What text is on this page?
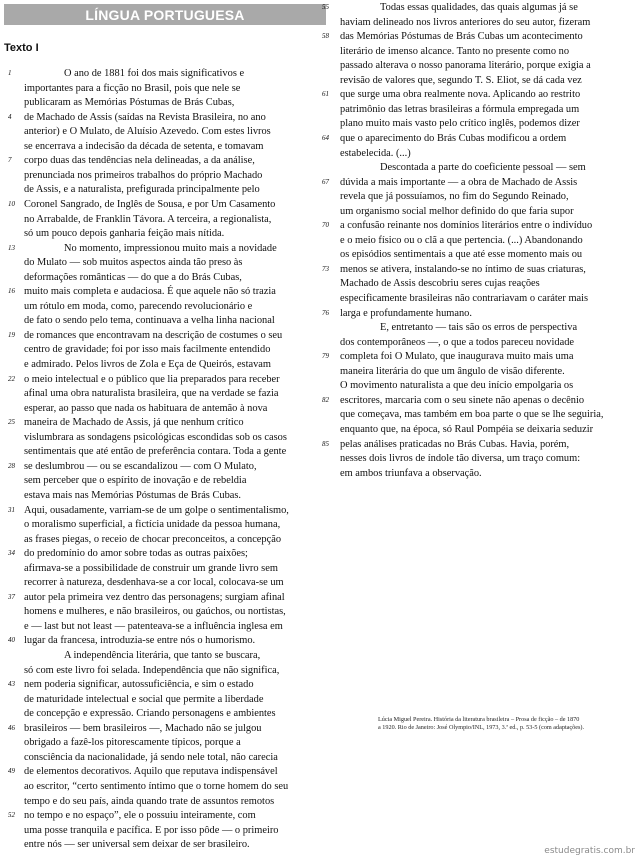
LÍNGUA PORTUGUESA
Texto I
O ano de 1881 foi dos mais significativos e
importantes para a ficção no Brasil, pois que nele se
publicaram as Memórias Póstumas de Brás Cubas,
de Machado de Assis (saídas na Revista Brasileira, no ano
anterior) e O Mulato, de Aluísio Azevedo. Com estes livros
se encerrava a indecisão da década de setenta, e tomavam
corpo duas das tendências nela delineadas, a da análise,
prenunciada nos primeiros trabalhos do próprio Machado
de Assis, e a naturalista, prefigurada principalmente pelo
Coronel Sangrado, de Inglês de Sousa, e por Um Casamento
no Arrabalde, de Franklin Távora. A terceira, a regionalista,
só um pouco depois ganharia feição mais nítida.
No momento, impressionou muito mais a novidade
do Mulato — sob muitos aspectos ainda tão preso às
deformações românticas — do que a do Brás Cubas,
muito mais completa e audaciosa. É que aquele não só trazia
um rótulo em moda, como, parecendo revolucionário e
de fato o sendo pelo tema, continuava a velha linha nacional
de romances que encontravam na descrição de costumes o seu
centro de gravidade; foi por isso mais facilmente entendido
e admirado. Pelos livros de Zola e Eça de Queirós, estavam
o meio intelectual e o público que lia preparados para receber
afinal uma obra naturalista brasileira, que na verdade se fazia
esperar, ao passo que nada os habituara de antemão à nova
maneira de Machado de Assis, já que nenhum crítico
vislumbrara as sondagens psicológicas escondidas sob os casos
sentimentais que até então de preferência contara. Toda a gente
se deslumbrou — ou se escandalizou — com O Mulato,
sem perceber que o espírito de inovação e de rebeldia
estava mais nas Memórias Póstumas de Brás Cubas.
Aqui, ousadamente, varriam-se de um golpe o sentimentalismo,
o moralismo superficial, a fictícia unidade da pessoa humana,
as frases piegas, o receio de chocar preconceitos, a concepção
do predomínio do amor sobre todas as outras paixões;
afirmava-se a possibilidade de construir um grande livro sem
recorrer à natureza, desdenhava-se a cor local, colocava-se um
autor pela primeira vez dentro das personagens; surgiam afinal
homens e mulheres, e não brasileiros, ou gaúchos, ou nortistas,
e — last but not least — patenteava-se a influência inglesa em
lugar da francesa, introduzia-se entre nós o humorismo.
A independência literária, que tanto se buscara,
só com este livro foi selada. Independência que não significa,
nem poderia significar, autossuficiência, e sim o estado
de maturidade intelectual e social que permite a liberdade
de concepção e expressão. Criando personagens e ambientes
brasileiros — bem brasileiros —, Machado não se julgou
obrigado a fazê-los pitorescamente típicos, porque a
consciência da nacionalidade, já sendo nele total, não carecia
de elementos decorativos. Aquilo que reputava indispensável
ao escritor, “certo sentimento íntimo que o torne homem do seu
tempo e do seu país, ainda quando trate de assuntos remotos
no tempo e no espaço”, ele o possuiu inteiramente, com
uma posse tranquila e pacífica. E por isso pôde — o primeiro
entre nós — ser universal sem deixar de ser brasileiro.
Todas essas qualidades, das quais algumas já se
haviam delineado nos livros anteriores do seu autor, fizeram
das Memórias Póstumas de Brás Cubas um acontecimento
literário de imenso alcance. Tanto no presente como no
passado alterava o nosso panorama literário, porque exigia a
revisão de valores que, segundo T. S. Eliot, se dá cada vez
que surge uma obra realmente nova. Aplicando ao restrito
patrimônio das letras brasileiras a fórmula empregada um
plano muito mais vasto pelo crítico inglês, podemos dizer
que o aparecimento do Brás Cubas modificou a ordem
estabelecida. (...)
Descontada a parte do coeficiente pessoal — sem
dúvida a mais importante — a obra de Machado de Assis
revela que já possuíamos, no fim do Segundo Reinado,
um organismo social melhor definido do que faria supor
a confusão reinante nos domínios literários entre o indivíduo
e o meio físico ou o clã a que pertencia. (...) Abandonando
os episódios sentimentais a que até esse momento mais ou
menos se ativera, instalando-se no íntimo de suas criaturas,
Machado de Assis descobriu seres cujas reações
especificamente brasileiras não contrariavam o caráter mais
larga e profundamente humano.
E, entretanto — tais são os erros de perspectiva
dos contemporâneos —, o que a todos pareceu novidade
completa foi O Mulato, que inaugurava muito mais uma
maneira literária do que um ângulo de visão diferente.
O movimento naturalista a que deu início empolgaria os
escritores, marcaria com o seu sinete não apenas o decênio
que começava, mas também em boa parte o que se lhe seguiria,
enquanto que, na época, só Raul Pompéia se deixaria seduzir
pelas análises praticadas no Brás Cubas. Havia, porém,
nesses dois livros de índole tão diversa, um traço comum:
em ambos triunfava a observação.
Lúcia Miguel Pereira. História da literatura brasileira – Prosa de ficção – de 1870
a 1920. Rio de Janeiro: José Olympio/INL, 1973, 3.ª ed., p. 53-5 (com adaptações).
estudegratis.com.br
1
4
7
10
13
16
19
22
25
28
31
34
37
40
43
46
49
52
55
58
61
64
67
70
73
76
79
82
85
